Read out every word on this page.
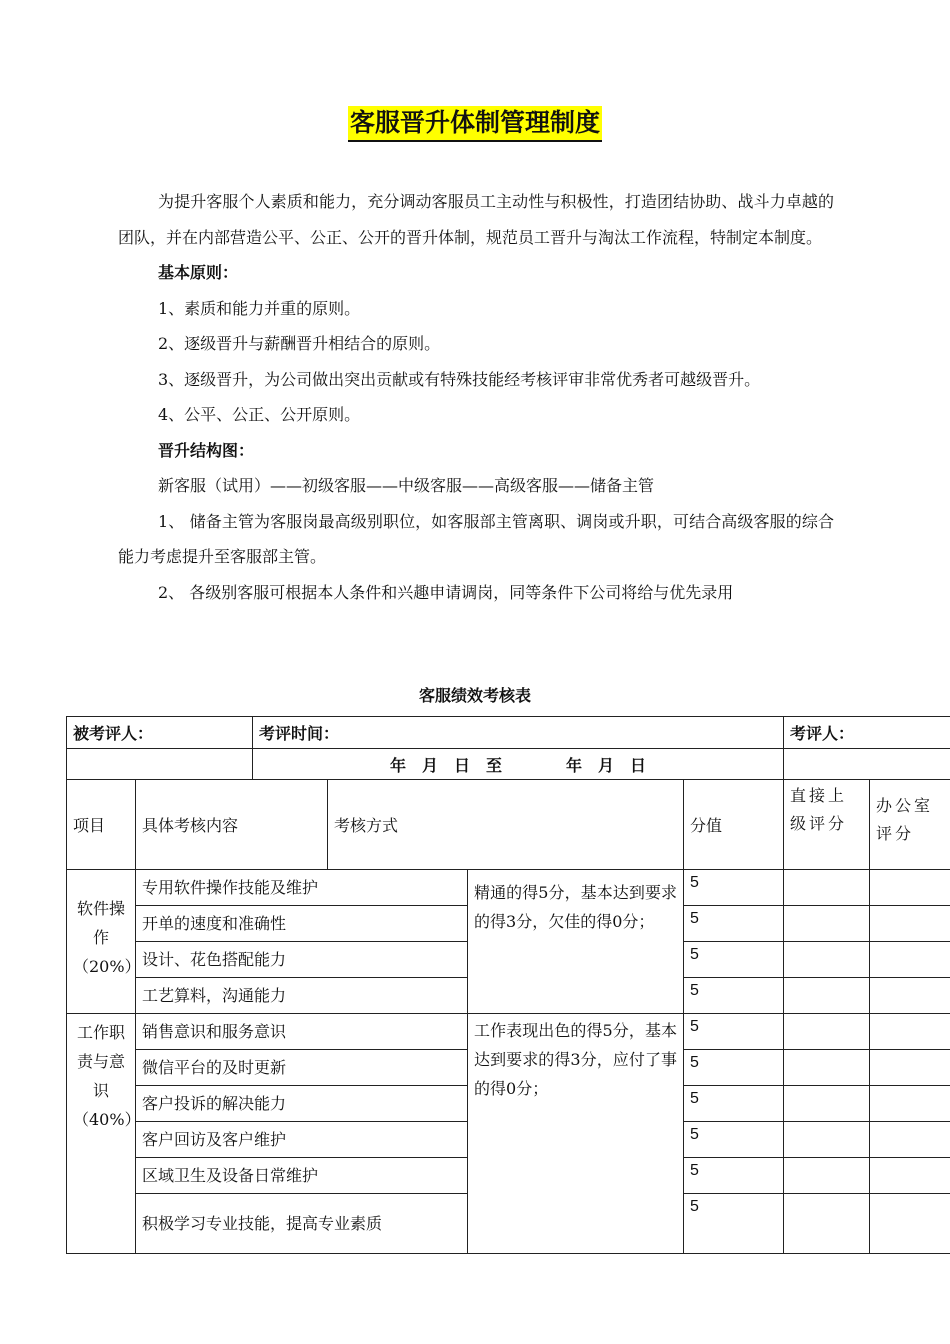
客服晋升体制管理制度

为提升客服个人素质和能力，充分调动客服员工主动性与积极性，打造团结协助、战斗力卓越的团队，并在内部营造公平、公正、公开的晋升体制，规范员工晋升与淘汰工作流程，特制定本制度。

基本原则：

1、素质和能力并重的原则。

2、逐级晋升与薪酬晋升相结合的原则。

3、逐级晋升，为公司做出突出贡献或有特殊技能经考核评审非常优秀者可越级晋升。

4、公平、公正、公开原则。

晋升结构图：

新客服（试用）——初级客服——中级客服——高级客服——储备主管

1、 储备主管为客服岗最高级别职位，如客服部主管离职、调岗或升职，可结合高级客服的综合能力考虑提升至客服部主管。

2、 各级别客服可根据本人条件和兴趣申请调岗，同等条件下公司将给与优先录用

客服绩效考核表
被考评人：		考评时间：				考评人：	
		年　月　日　至　　　　年　月　日					
项目	具体考核内容		考核方式		分值	直接上级评分	办公室评分
软件操作（20%）	专用软件操作技能及维护			精通的得5分，基本达到要求的得3分，欠佳的得0分；	5		
	开单的速度和准确性				5		
	设计、花色搭配能力				5		
	工艺算料，沟通能力				5		
工作职责与意识（40%）	销售意识和服务意识			工作表现出色的得5分，基本达到要求的得3分，应付了事的得0分；	5		
	微信平台的及时更新				5		
	客户投诉的解决能力				5		
	客户回访及客户维护				5		
	区域卫生及设备日常维护				5		
	积极学习专业技能，提高专业素质				5		
